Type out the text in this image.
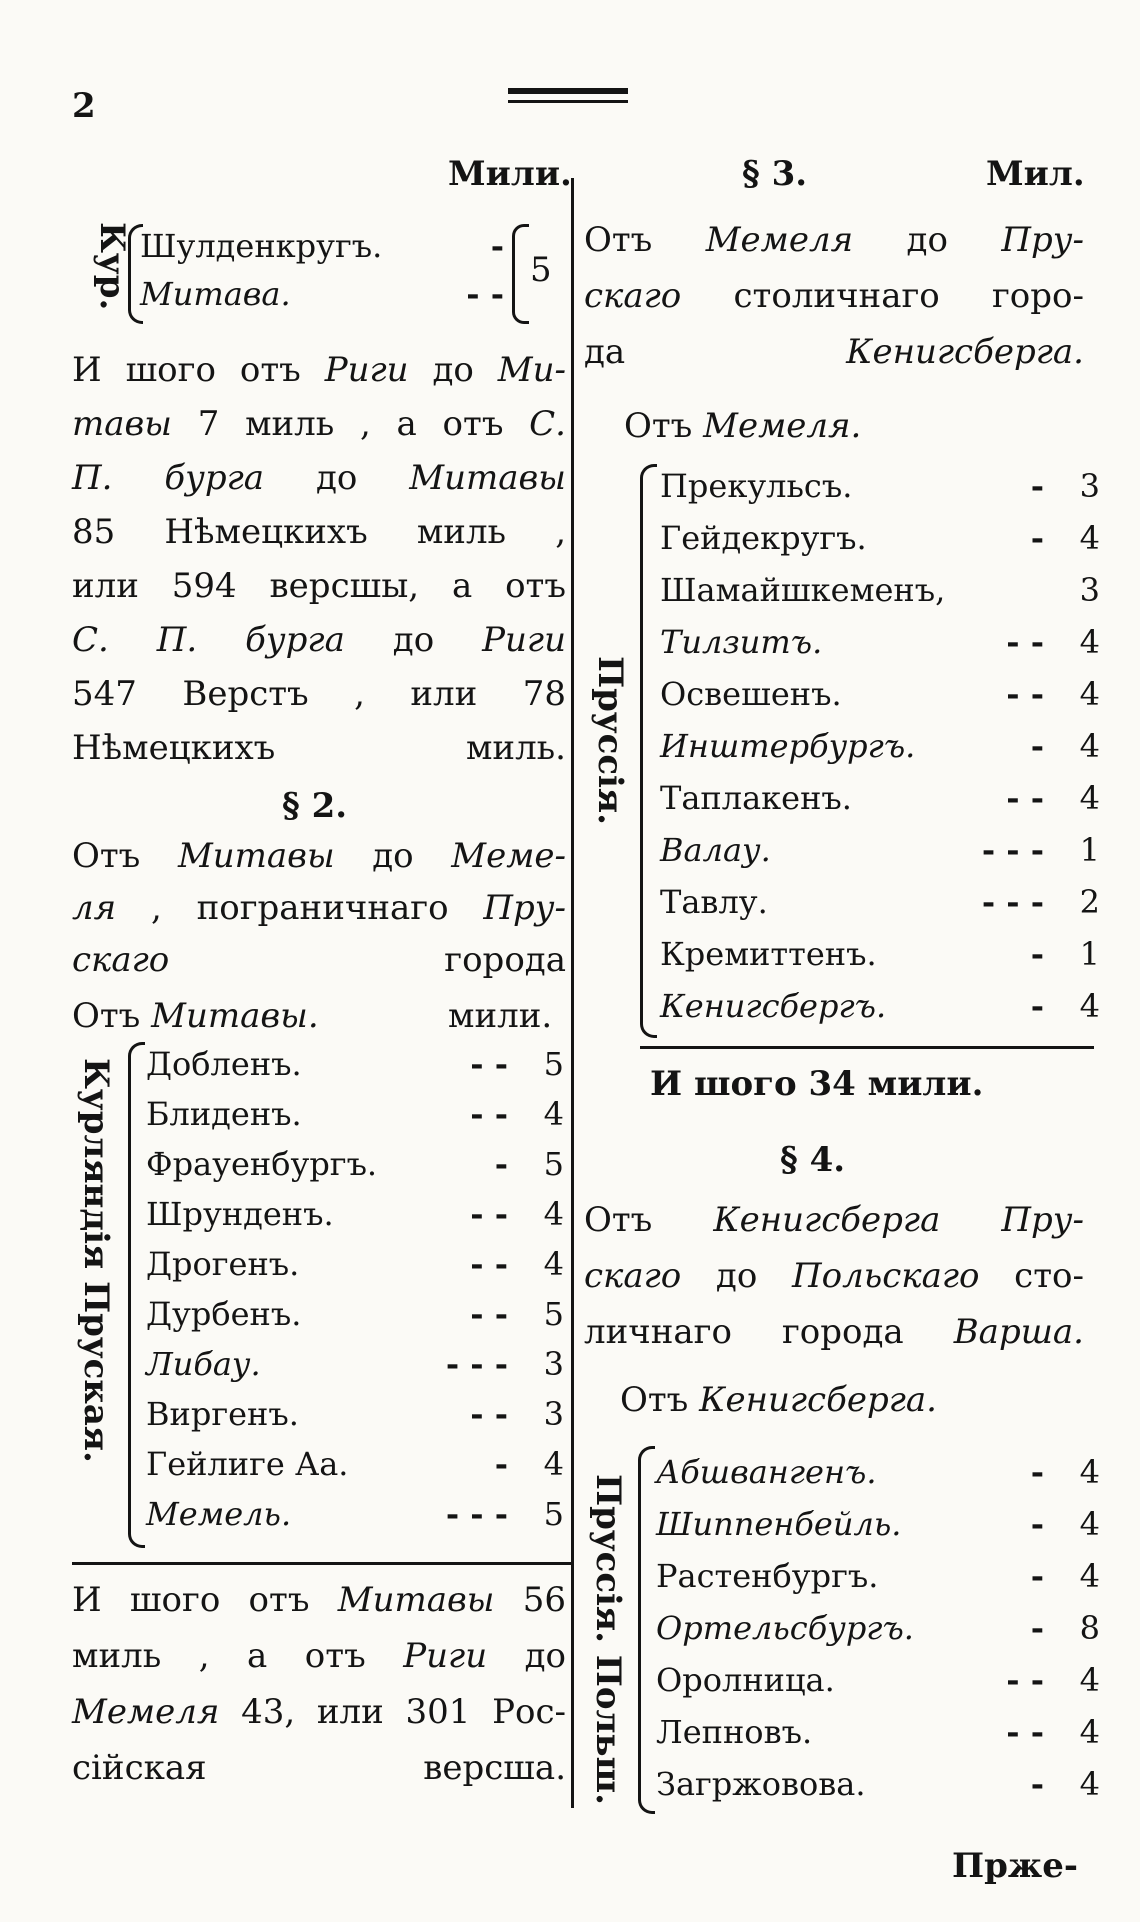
2
Мили.
Кур. Шулденкругъ.	-
Митава.	- -
5
И шого отъ Риги до Ми-
тавы 7 миль , а отъ С.
П. бурга до Митавы
85 Нѣмецкихъ миль ,
или 594 версшы, а отъ
С. П. бурга до Риги
547 Верстъ , или 78
Нѣмецкихъ миль.
§ 2.
Отъ Митавы до Меме-
ля , пограничнаго Пру-
скаго города
Отъ Митавы.	мили.
Курляндія Пруская. Добленъ.	- -	5
Блиденъ.	- -	4
Фрауенбургъ.	-	5
Шрунденъ.	- -	4
Дрогенъ.	- -	4
Дурбенъ.	- -	5
Либау.	- - -	3
Виргенъ.	- -	3
Гейлиге Аа.	-	4
Мемель.	- - -	5
И шого отъ Митавы 56
миль , а отъ Риги до
Мемеля 43, или 301 Рос-
сійская версша.
§ 3.	Мил.
Отъ Мемеля до Пру-
скаго столичнаго горо-
да Кенигсберга.
Отъ Мемеля.
Пруссія.
Прекульсъ.	-	3
Гейдекругъ.	-	4
Шамайшкеменъ,	3
Тилзитъ.	- -	4
Освешенъ.	- -	4
Инштербургъ.	-	4
Таплакенъ.	- -	4
Валау.	- - -	1
Тавлу.	- - -	2
Кремиттенъ.	-	1
Кенигсбергъ.	-	4
И шого 34 мили.
§ 4.
Отъ Кенигсберга Пру-
скаго до Польскаго сто-
личнаго города Варша.
Отъ Кенигсберга.
Пруссія. Польш.
Абшвангенъ.	-	4
Шиппенбейль.	-	4
Растенбургъ.	-	4
Ортельсбургъ.	-	8
Оролница.	- -	4
Лепновъ.	- -	4
Загржовова.	-	4
Прже-
